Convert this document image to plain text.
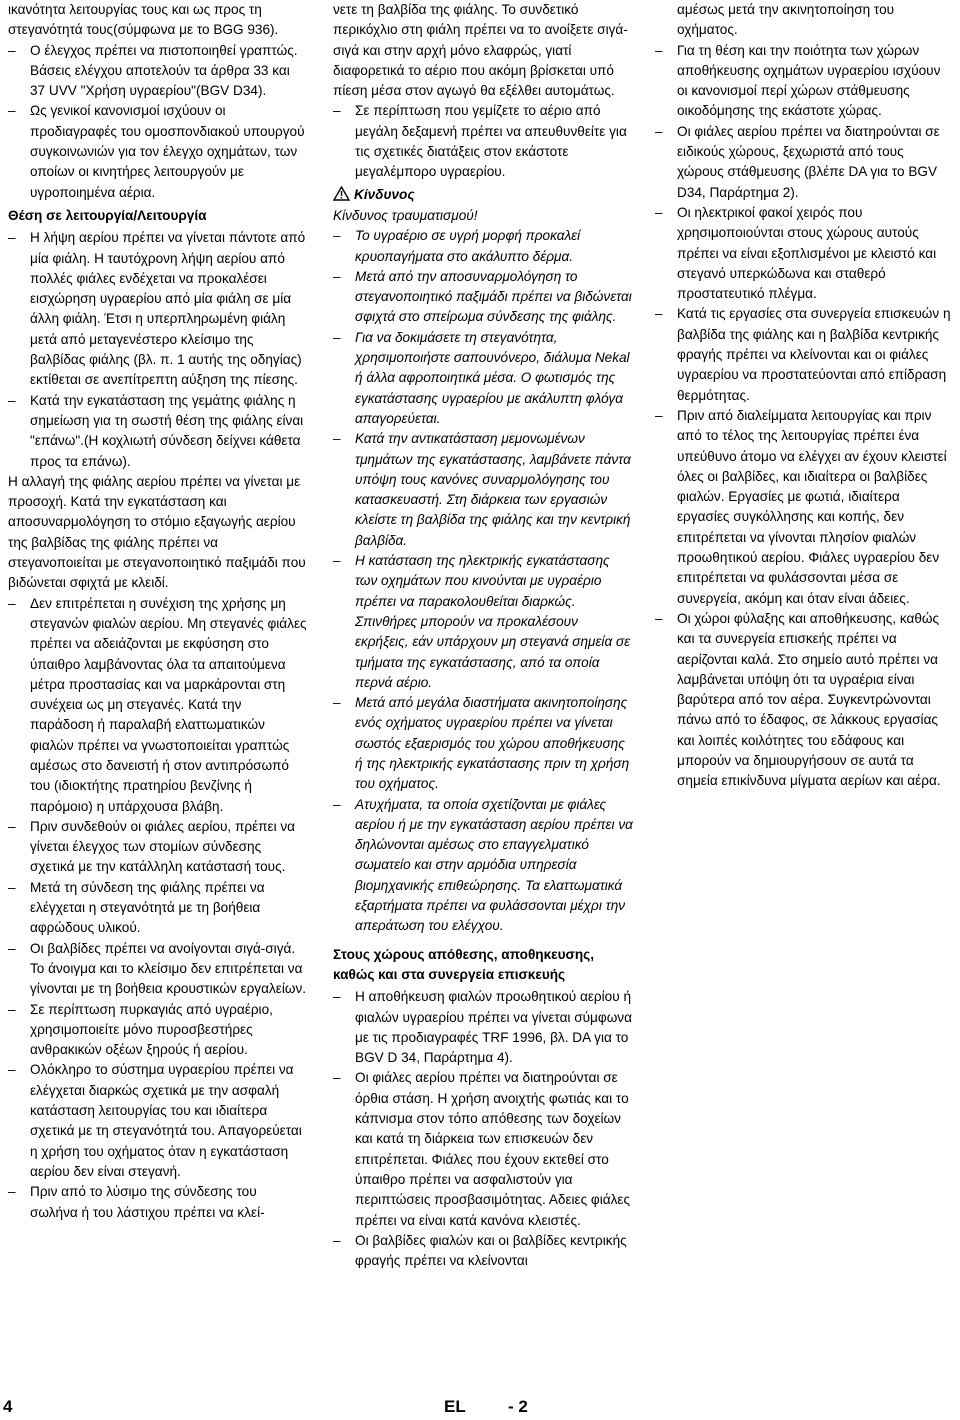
ικανότητα λειτουργίας τους και ως προς τη στεγανότητά τους(σύμφωνα με το BGG 936).

– Ο έλεγχος πρέπει να πιστοποιηθεί γραπτώς. Βάσεις ελέγχου αποτελούν τα άρθρα 33 και 37 UVV "Χρήση υγραερίου"(BGV D34).
– Ως γενικοί κανονισμοί ισχύουν οι προδιαγραφές του ομοσπονδιακού υπουργού συγκοινωνιών για τον έλεγχο οχημάτων, των οποίων οι κινητήρες λειτουργούν με υγροποιημένα αέρια.

Θέση σε λειτουργία/Λειτουργία

– Η λήψη αερίου πρέπει να γίνεται πάντοτε από μία φιάλη. Η ταυτόχρονη λήψη αερίου από πολλές φιάλες ενδέχεται να προκαλέσει εισχώρηση υγραερίου από μία φιάλη σε μία άλλη φιάλη. Έτσι η υπερπληρωμένη φιάλη μετά από μεταγενέστερο κλείσιμο της βαλβίδας φιάλης (βλ. π. 1 αυτής της οδηγίας) εκτίθεται σε ανεπίτρεπτη αύξηση της πίεσης.
– Κατά την εγκατάσταση της γεμάτης φιάλης η σημείωση για τη σωστή θέση της φιάλης είναι "επάνω".(Η κοχλιωτή σύνδεση δείχνει κάθετα προς τα επάνω).

Η αλλαγή της φιάλης αερίου πρέπει να γίνεται με προσοχή. Κατά την εγκατάσταση και αποσυναρμολόγηση το στόμιο εξαγωγής αερίου της βαλβίδας της φιάλης πρέπει να στεγανοποιείται με στεγανοποιητικό παξιμάδι που βιδώνεται σφιχτά με κλειδί.

– Δεν επιτρέπεται η συνέχιση της χρήσης μη στεγανών φιαλών αερίου. Μη στεγανές φιάλες πρέπει να αδειάζονται με εκφύσηση στο ύπαιθρο λαμβάνοντας όλα τα απαιτούμενα μέτρα προστασίας και να μαρκάρονται στη συνέχεια ως μη στεγανές. Κατά την παράδοση ή παραλαβή ελαττωματικών φιαλών πρέπει να γνωστοποιείται γραπτώς αμέσως στο δανειστή ή στον αντιπρόσωπό του (ιδιοκτήτης πρατηρίου βενζίνης ή παρόμοιο) η υπάρχουσα βλάβη.
– Πριν συνδεθούν οι φιάλες αερίου, πρέπει να γίνεται έλεγχος των στομίων σύνδεσης σχετικά με την κατάλληλη κατάστασή τους.
– Μετά τη σύνδεση της φιάλης πρέπει να ελέγχεται η στεγανότητά με τη βοήθεια αφρώδους υλικού.
– Οι βαλβίδες πρέπει να ανοίγονται σιγά-σιγά. Το άνοιγμα και το κλείσιμο δεν επιτρέπεται να γίνονται με τη βοήθεια κρουστικών εργαλείων.
– Σε περίπτωση πυρκαγιάς από υγραέριο, χρησιμοποιείτε μόνο πυροσβεστήρες ανθρακικών οξέων ξηρούς ή αερίου.
– Ολόκληρο το σύστημα υγραερίου πρέπει να ελέγχεται διαρκώς σχετικά με την ασφαλή κατάσταση λειτουργίας του και ιδιαίτερα σχετικά με τη στεγανότητά του. Απαγορεύεται η χρήση του οχήματος όταν η εγκατάσταση αερίου δεν είναι στεγανή.
– Πριν από το λύσιμο της σύνδεσης του σωλήνα ή του λάστιχου πρέπει να κλεί-

νετε τη βαλβίδα της φιάλης. Το συνδετικό περικόχλιο στη φιάλη πρέπει να το ανοίξετε σιγά-σιγά και στην αρχή μόνο ελαφρώς, γιατί διαφορετικά το αέριο που ακόμη βρίσκεται υπό πίεση μέσα στον αγωγό θα εξέλθει αυτομάτως.

– Σε περίπτωση που γεμίζετε το αέριο από μεγάλη δεξαμενή πρέπει να απευθυνθείτε για τις σχετικές διατάξεις στον εκάστοτε μεγαλέμπορο υγραερίου.

Κίνδυνος

Κίνδυνος τραυματισμού!

– Το υγραέριο σε υγρή μορφή προκαλεί κρυοπαγήματα στο ακάλυπτο δέρμα.
– Μετά από την αποσυναρμολόγηση το στεγανοποιητικό παξιμάδι πρέπει να βιδώνεται σφιχτά στο σπείρωμα σύνδεσης της φιάλης.
– Για να δοκιμάσετε τη στεγανότητα, χρησιμοποιήστε σαπουνόνερο, διάλυμα Nekal ή άλλα αφροποιητικά μέσα. Ο φωτισμός της εγκατάστασης υγραερίου με ακάλυπτη φλόγα απαγορεύεται.
– Κατά την αντικατάσταση μεμονωμένων τμημάτων της εγκατάστασης, λαμβάνετε πάντα υπόψη τους κανόνες συναρμολόγησης του κατασκευαστή. Στη διάρκεια των εργασιών κλείστε τη βαλβίδα της φιάλης και την κεντρική βαλβίδα.
– Η κατάσταση της ηλεκτρικής εγκατάστασης των οχημάτων που κινούνται με υγραέριο πρέπει να παρακολουθείται διαρκώς. Σπινθήρες μπορούν να προκαλέσουν εκρήξεις, εάν υπάρχουν μη στεγανά σημεία σε τμήματα της εγκατάστασης, από τα οποία περνά αέριο.
– Μετά από μεγάλα διαστήματα ακινητοποίησης ενός οχήματος υγραερίου πρέπει να γίνεται σωστός εξαερισμός του χώρου αποθήκευσης ή της ηλεκτρικής εγκατάστασης πριν τη χρήση του οχήματος.
– Ατυχήματα, τα οποία σχετίζονται με φιάλες αερίου ή με την εγκατάσταση αερίου πρέπει να δηλώνονται αμέσως στο επαγγελματικό σωματείο και στην αρμόδια υπηρεσία βιομηχανικής επιθεώρησης. Τα ελαττωματικά εξαρτήματα πρέπει να φυλάσσονται μέχρι την απεράτωση του ελέγχου.

Στους χώρους απόθεσης, αποθηκευσης, καθώς και στα συνεργεία επισκευής

– Η αποθήκευση φιαλών προωθητικού αερίου ή φιαλών υγραερίου πρέπει να γίνεται σύμφωνα με τις προδιαγραφές TRF 1996, βλ. DA για το BGV D 34, Παράρτημα 4).
– Οι φιάλες αερίου πρέπει να διατηρούνται σε όρθια στάση. Η χρήση ανοιχτής φωτιάς και το κάπνισμα στον τόπο απόθεσης των δοχείων και κατά τη διάρκεια των επισκευών δεν επιτρέπεται. Φιάλες που έχουν εκτεθεί στο ύπαιθρο πρέπει να ασφαλιστούν για περιπτώσεις προσβασιμότητας. Αδειες φιάλες πρέπει να είναι κατά κανόνα κλειστές.
– Οι βαλβίδες φιαλών και οι βαλβίδες κεντρικής φραγής πρέπει να κλείνονται

αμέσως μετά την ακινητοποίηση του οχήματος.

– Για τη θέση και την ποιότητα των χώρων αποθήκευσης οχημάτων υγραερίου ισχύουν οι κανονισμοί περί χώρων στάθμευσης οικοδόμησης της εκάστοτε χώρας.
– Οι φιάλες αερίου πρέπει να διατηρούνται σε ειδικούς χώρους, ξεχωριστά από τους χώρους στάθμευσης (βλέπε DA για το BGV D34, Παράρτημα 2).
– Οι ηλεκτρικοί φακοί χειρός που χρησιμοποιούνται στους χώρους αυτούς πρέπει να είναι εξοπλισμένοι με κλειστό και στεγανό υπερκώδωνα και σταθερό προστατευτικό πλέγμα.
– Κατά τις εργασίες στα συνεργεία επισκευών η βαλβίδα της φιάλης και η βαλβίδα κεντρικής φραγής πρέπει να κλείνονται και οι φιάλες υγραερίου να προστατεύονται από επίδραση θερμότητας.
– Πριν από διαλείμματα λειτουργίας και πριν από το τέλος της λειτουργίας πρέπει ένα υπεύθυνο άτομο να ελέγχει αν έχουν κλειστεί όλες οι βαλβίδες, και ιδιαίτερα οι βαλβίδες φιαλών. Εργασίες με φωτιά, ιδιαίτερα εργασίες συγκόλλησης και κοπής, δεν επιτρέπεται να γίνονται πλησίον φιαλών προωθητικού αερίου. Φιάλες υγραερίου δεν επιτρέπεται να φυλάσσονται μέσα σε συνεργεία, ακόμη και όταν είναι άδειες.
– Οι χώροι φύλαξης και αποθήκευσης, καθώς και τα συνεργεία επισκεής πρέπει να αερίζονται καλά. Στο σημείο αυτό πρέπει να λαμβάνεται υπόψη ότι τα υγραέρια είναι βαρύτερα από τον αέρα. Συγκεντρώνονται πάνω από το έδαφος, σε λάκκους εργασίας και λοιπές κοιλότητες του εδάφους και μπορούν να δημιουργήσουν σε αυτά τα σημεία επικίνδυνα μίγματα αερίων και αέρα.
4	EL - 2
